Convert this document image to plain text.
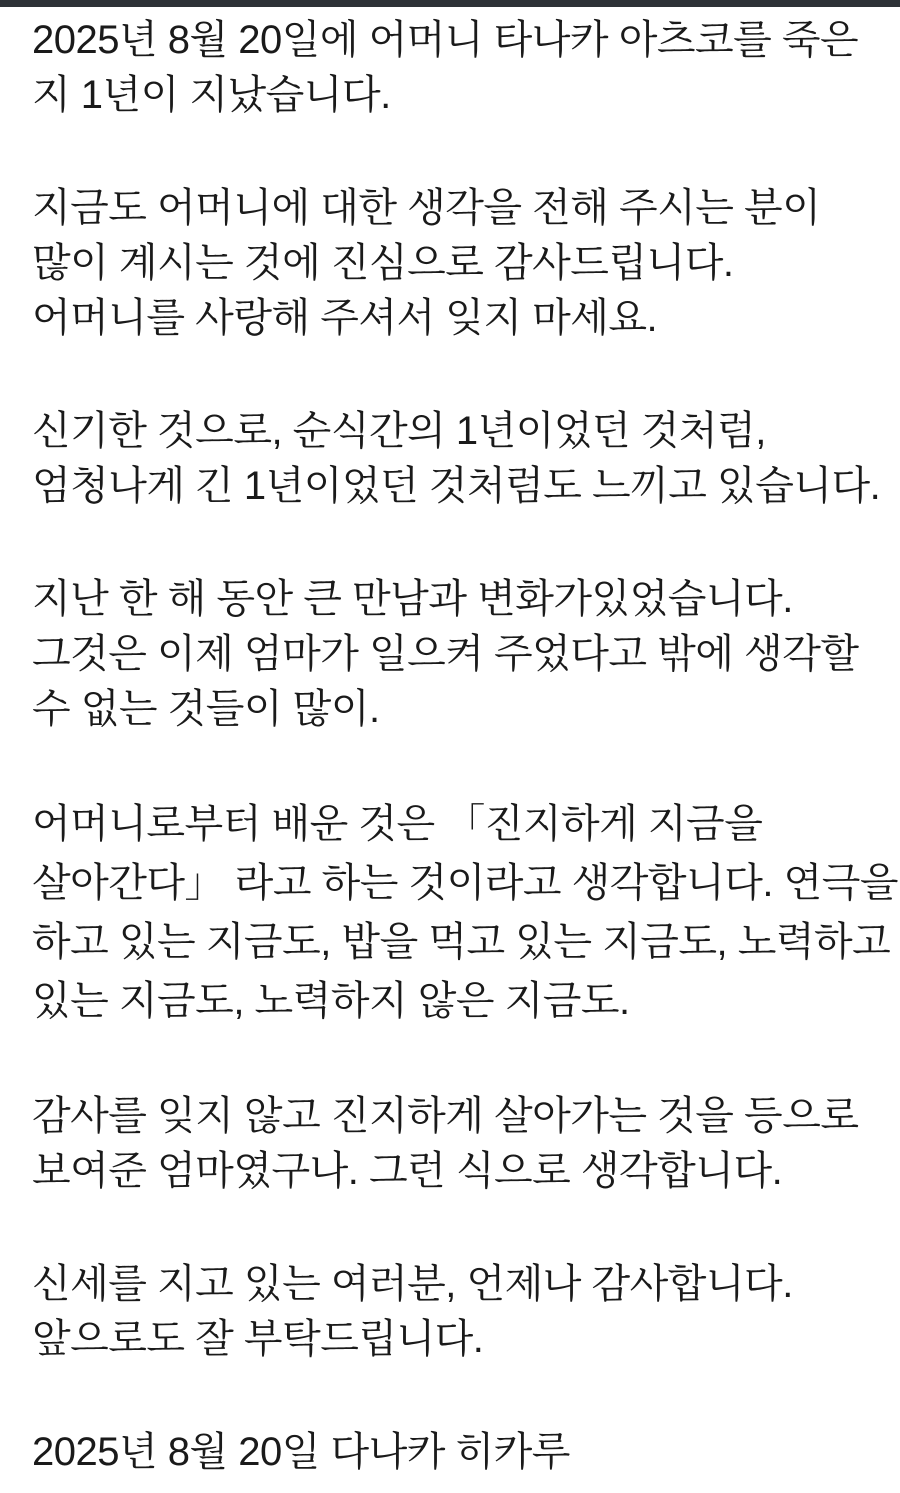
2025년 8월 20일에 어머니 타나카 아츠코를 죽은
지 1년이 지났습니다.
지금도 어머니에 대한 생각을 전해 주시는 분이
많이 계시는 것에 진심으로 감사드립니다.
어머니를 사랑해 주셔서 잊지 마세요.
신기한 것으로, 순식간의 1년이었던 것처럼,
엄청나게 긴 1년이었던 것처럼도 느끼고 있습니다.
지난 한 해 동안 큰 만남과 변화가있었습니다.
그것은 이제 엄마가 일으켜 주었다고 밖에 생각할
수 없는 것들이 많이.
어머니로부터 배운 것은 「진지하게 지금을
살아간다」 라고 하는 것이라고 생각합니다. 연극을
하고 있는 지금도, 밥을 먹고 있는 지금도, 노력하고
있는 지금도, 노력하지 않은 지금도.
감사를 잊지 않고 진지하게 살아가는 것을 등으로
보여준 엄마였구나. 그런 식으로 생각합니다.
신세를 지고 있는 여러분, 언제나 감사합니다.
앞으로도 잘 부탁드립니다.
2025년 8월 20일 다나카 히카루
